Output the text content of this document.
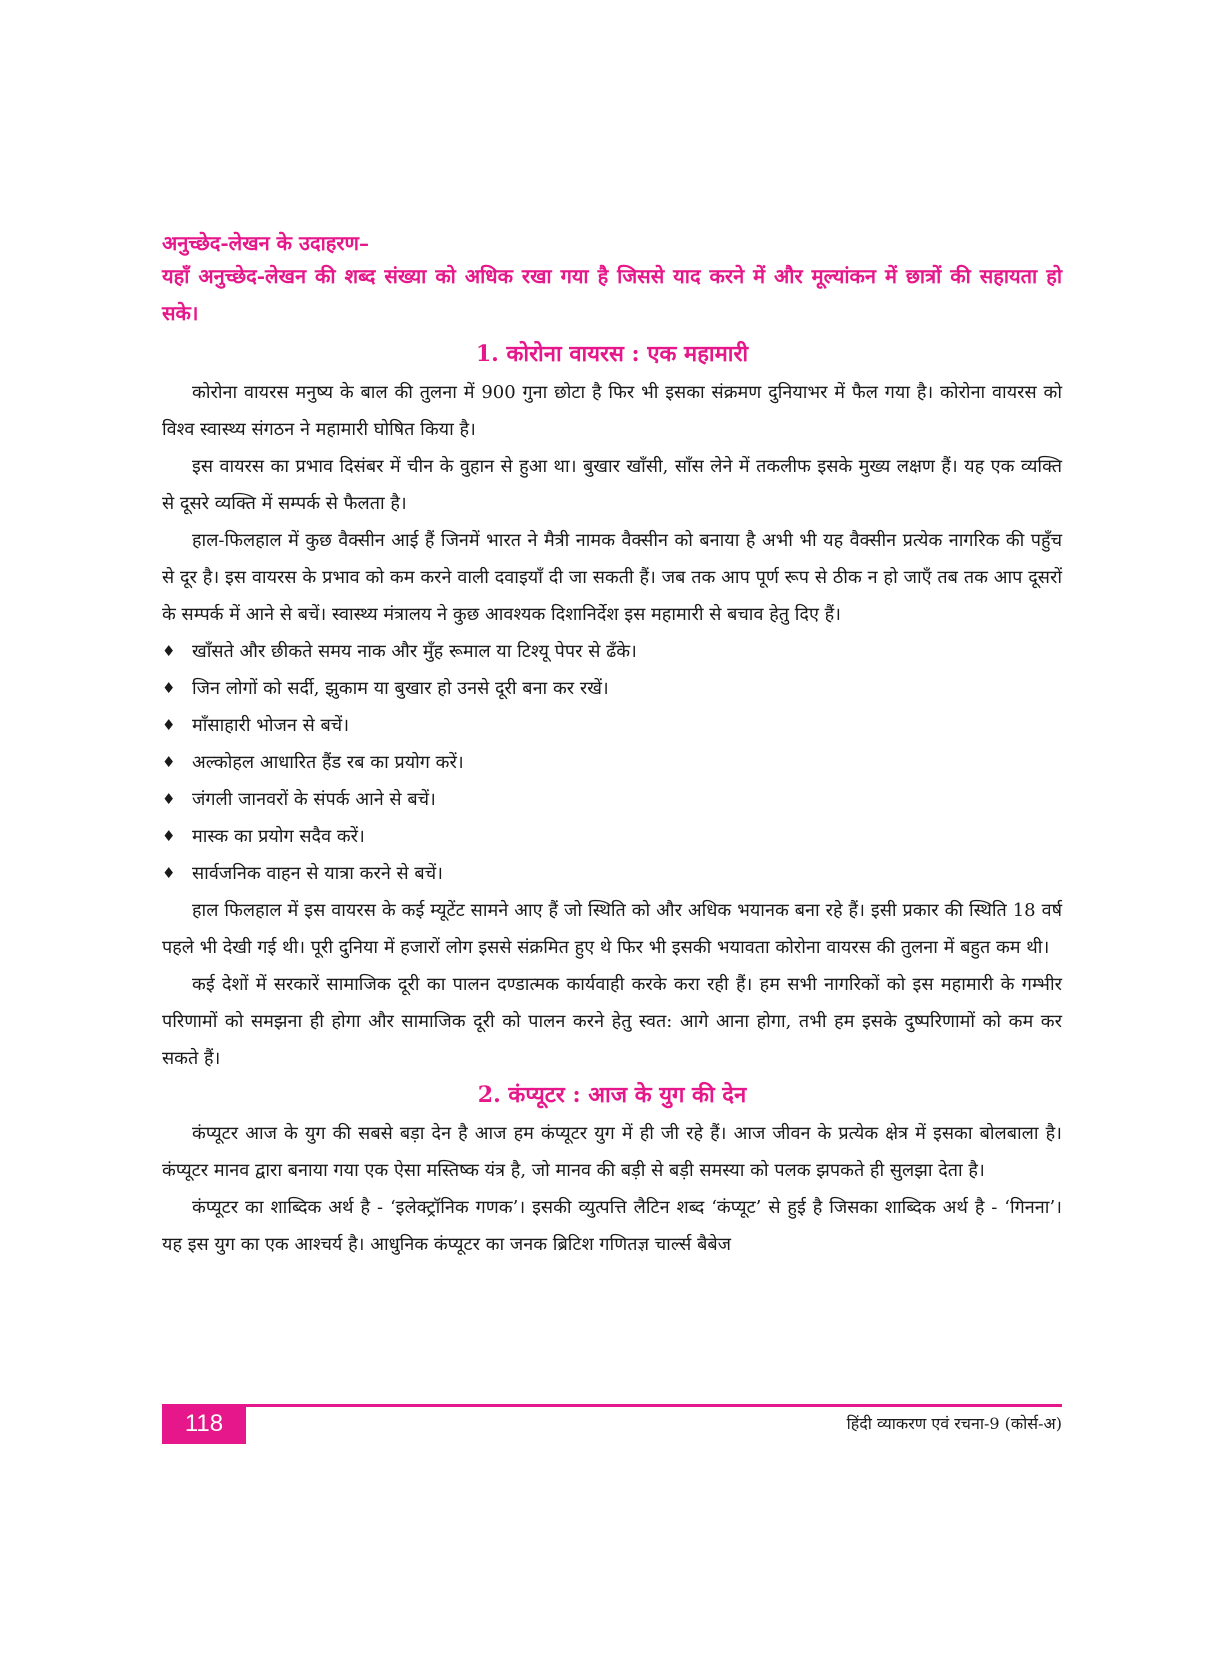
अनुच्छेद-लेखन के उदाहरण–

यहाँ अनुच्छेद-लेखन की शब्द संख्या को अधिक रखा गया है जिससे याद करने में और मूल्यांकन में छात्रों की सहायता हो सके।

1. कोरोना वायरस : एक महामारी

कोरोना वायरस मनुष्य के बाल की तुलना में 900 गुना छोटा है फिर भी इसका संक्रमण दुनियाभर में फैल गया है। कोरोना वायरस को विश्व स्वास्थ्य संगठन ने महामारी घोषित किया है।

इस वायरस का प्रभाव दिसंबर में चीन के वुहान से हुआ था। बुखार खाँसी, साँस लेने में तकलीफ इसके मुख्य लक्षण हैं। यह एक व्यक्ति से दूसरे व्यक्ति में सम्पर्क से फैलता है।

हाल-फिलहाल में कुछ वैक्सीन आई हैं जिनमें भारत ने मैत्री नामक वैक्सीन को बनाया है अभी भी यह वैक्सीन प्रत्येक नागरिक की पहुँच से दूर है। इस वायरस के प्रभाव को कम करने वाली दवाइयाँ दी जा सकती हैं। जब तक आप पूर्ण रूप से ठीक न हो जाएँ तब तक आप दूसरों के सम्पर्क में आने से बचें। स्वास्थ्य मंत्रालय ने कुछ आवश्यक दिशानिर्देश इस महामारी से बचाव हेतु दिए हैं।

♦ खाँसते और छीकते समय नाक और मुँह रूमाल या टिश्यू पेपर से ढँके।
♦ जिन लोगों को सर्दी, झुकाम या बुखार हो उनसे दूरी बना कर रखें।
♦ माँसाहारी भोजन से बचें।
♦ अल्कोहल आधारित हैंड रब का प्रयोग करें।
♦ जंगली जानवरों के संपर्क आने से बचें।
♦ मास्क का प्रयोग सदैव करें।
♦ सार्वजनिक वाहन से यात्रा करने से बचें।

हाल फिलहाल में इस वायरस के कई म्यूटेंट सामने आए हैं जो स्थिति को और अधिक भयानक बना रहे हैं। इसी प्रकार की स्थिति 18 वर्ष पहले भी देखी गई थी। पूरी दुनिया में हजारों लोग इससे संक्रमित हुए थे फिर भी इसकी भयावता कोरोना वायरस की तुलना में बहुत कम थी।

कई देशों में सरकारें सामाजिक दूरी का पालन दण्डात्मक कार्यवाही करके करा रही हैं। हम सभी नागरिकों को इस महामारी के गम्भीर परिणामों को समझना ही होगा और सामाजिक दूरी को पालन करने हेतु स्वत: आगे आना होगा, तभी हम इसके दुष्परिणामों को कम कर सकते हैं।

2. कंप्यूटर : आज के युग की देन

कंप्यूटर आज के युग की सबसे बड़ा देन है आज हम कंप्यूटर युग में ही जी रहे हैं। आज जीवन के प्रत्येक क्षेत्र में इसका बोलबाला है। कंप्यूटर मानव द्वारा बनाया गया एक ऐसा मस्तिष्क यंत्र है, जो मानव की बड़ी से बड़ी समस्या को पलक झपकते ही सुलझा देता है।

कंप्यूटर का शाब्दिक अर्थ है - ‘इलेक्ट्रॉनिक गणक’। इसकी व्युत्पत्ति लैटिन शब्द ‘कंप्यूट’ से हुई है जिसका शाब्दिक अर्थ है - ‘गिनना’। यह इस युग का एक आश्चर्य है। आधुनिक कंप्यूटर का जनक ब्रिटिश गणितज्ञ चार्ल्स बैबेज

118	हिंदी व्याकरण एवं रचना-9 (कोर्स-अ)
